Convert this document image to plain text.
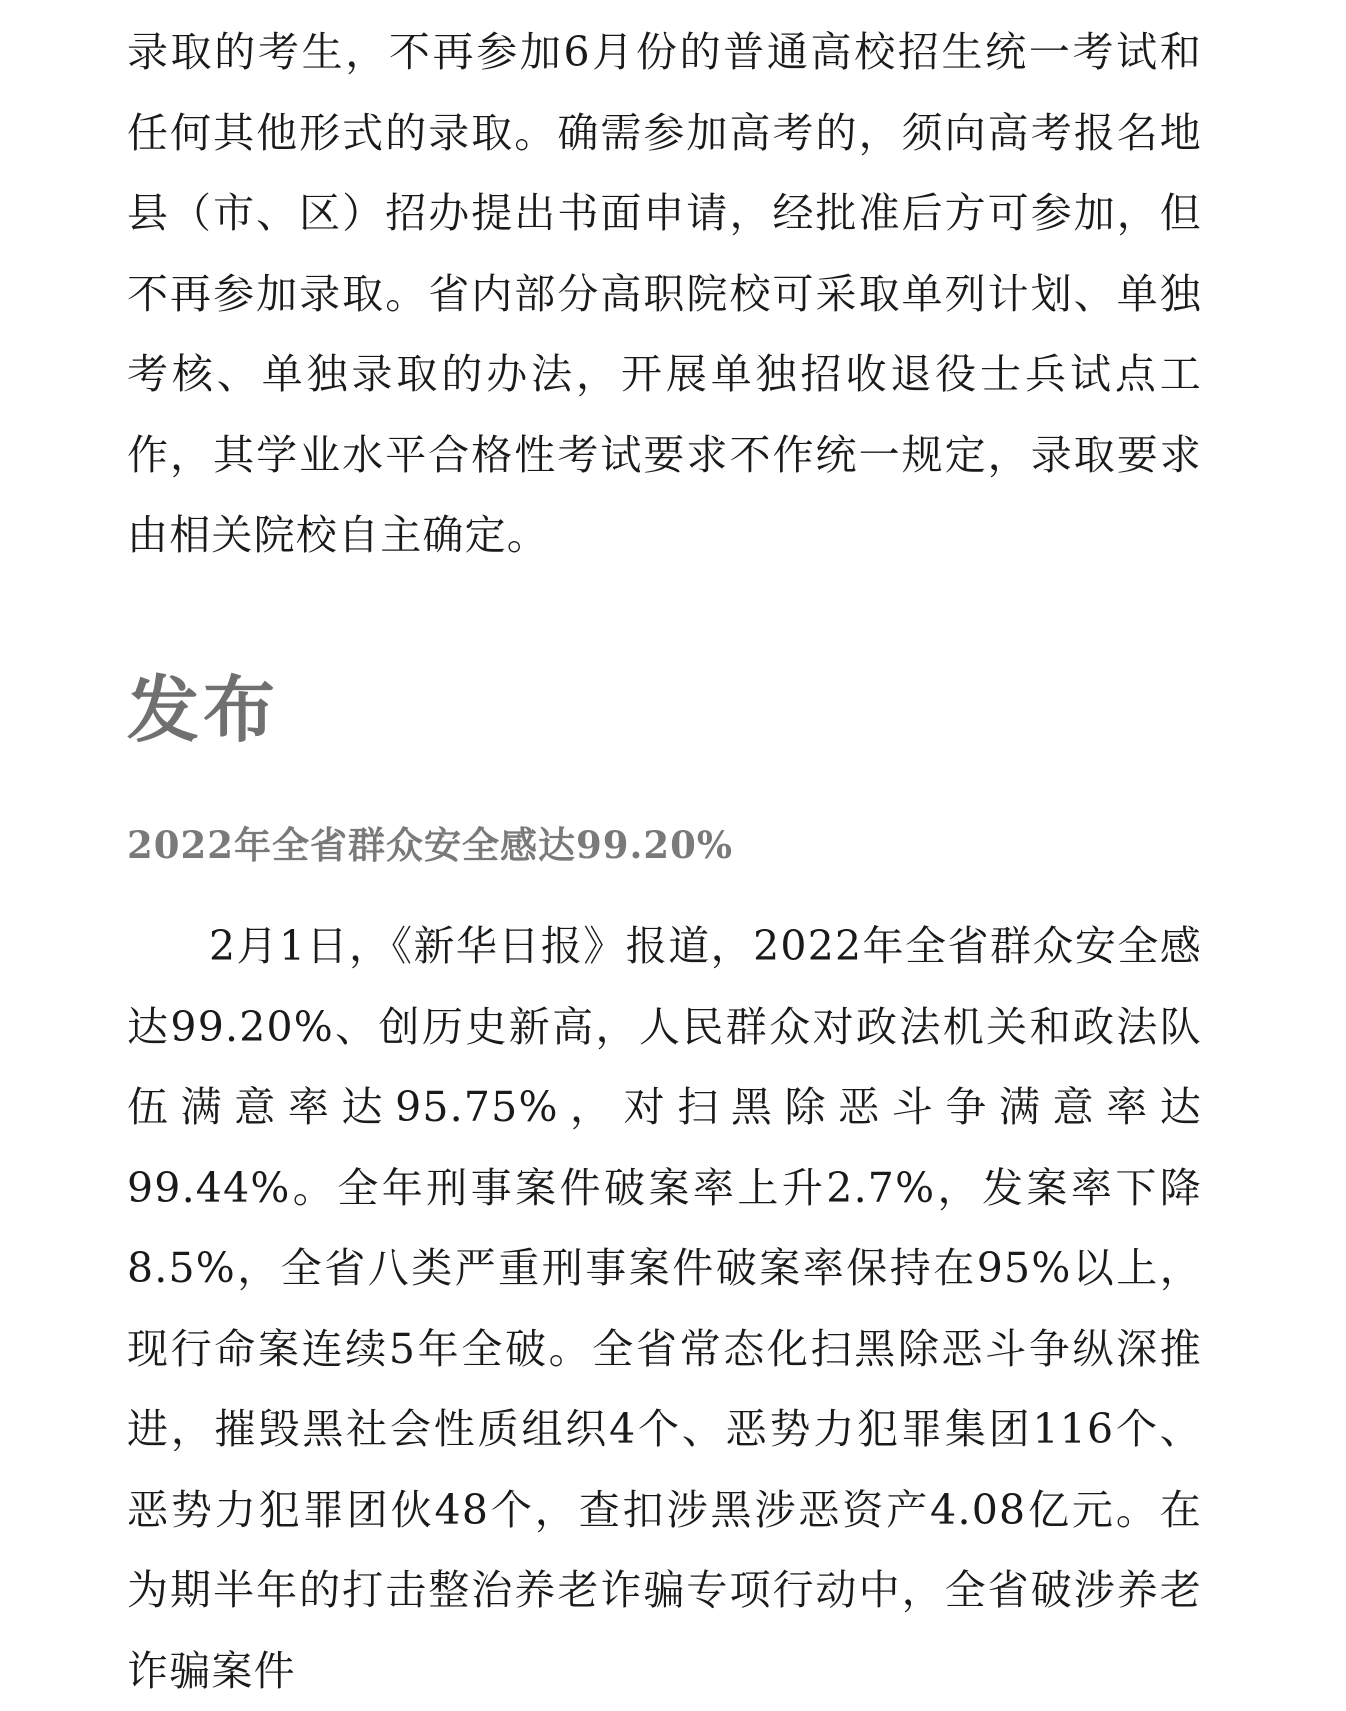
录取的考生，不再参加6月份的普通高校招生统一考试和任何其他形式的录取。确需参加高考的，须向高考报名地县（市、区）招办提出书面申请，经批准后方可参加，但不再参加录取。省内部分高职院校可采取单列计划、单独考核、单独录取的办法，开展单独招收退役士兵试点工作，其学业水平合格性考试要求不作统一规定，录取要求由相关院校自主确定。

发布
2022年全省群众安全感达99.20%

2月1日，《新华日报》报道，2022年全省群众安全感达99.20%、创历史新高，人民群众对政法机关和政法队伍满意率达95.75%，对扫黑除恶斗争满意率达99.44%。全年刑事案件破案率上升2.7%，发案率下降8.5%，全省八类严重刑事案件破案率保持在95%以上，现行命案连续5年全破。全省常态化扫黑除恶斗争纵深推进，摧毁黑社会性质组织4个、恶势力犯罪集团116个、恶势力犯罪团伙48个，查扣涉黑涉恶资产4.08亿元。在为期半年的打击整治养老诈骗专项行动中，全省破涉养老诈骗案件
